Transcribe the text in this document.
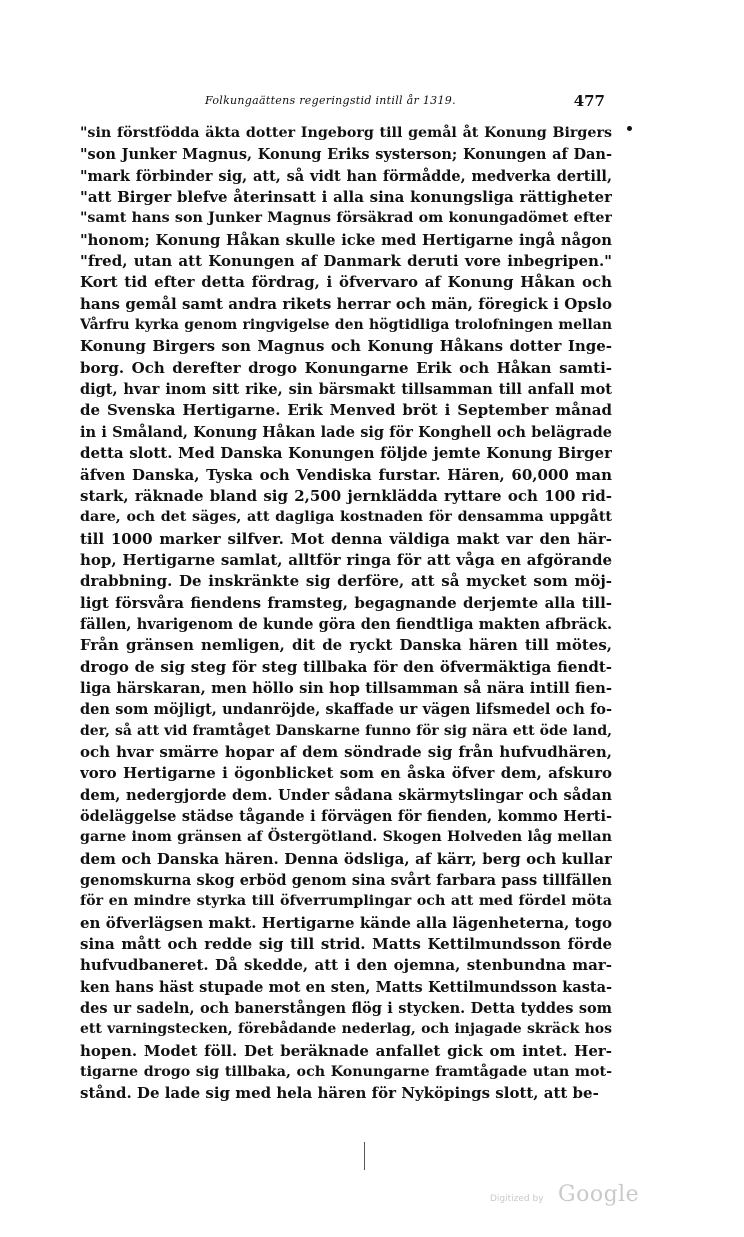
Folkungaättens regeringstid intill år 1319.	477
"sin förstfödda äkta dotter Ingeborg till gemål åt Konung Birgers
"son Junker Magnus, Konung Eriks systerson; Konungen af Dan-
"mark förbinder sig, att, så vidt han förmådde, medverka dertill,
"att Birger blefve återinsatt i alla sina konungsliga rättigheter
"samt hans son Junker Magnus försäkrad om konungadömet efter
"honom; Konung Håkan skulle icke med Hertigarne ingå någon
"fred, utan att Konungen af Danmark deruti vore inbegripen."
Kort tid efter detta fördrag, i öfvervaro af Konung Håkan och
hans gemål samt andra rikets herrar och män, föregick i Opslo
Vårfru kyrka genom ringvigelse den högtidliga trolofningen mellan
Konung Birgers son Magnus och Konung Håkans dotter Inge-
borg. Och derefter drogo Konungarne Erik och Håkan samti-
digt, hvar inom sitt rike, sin bärsmakt tillsamman till anfall mot
de Svenska Hertigarne. Erik Menved bröt i September månad
in i Småland, Konung Håkan lade sig för Konghell och belägrade
detta slott. Med Danska Konungen följde jemte Konung Birger
äfven Danska, Tyska och Vendiska furstar. Hären, 60,000 man
stark, räknade bland sig 2,500 jernklädda ryttare och 100 rid-
dare, och det säges, att dagliga kostnaden för densamma uppgått
till 1000 marker silfver. Mot denna väldiga makt var den här-
hop, Hertigarne samlat, alltför ringa för att våga en afgörande
drabbning. De inskränkte sig derföre, att så mycket som möj-
ligt försvåra fiendens framsteg, begagnande derjemte alla till-
fällen, hvarigenom de kunde göra den fiendtliga makten afbräck.
Från gränsen nemligen, dit de ryckt Danska hären till mötes,
drogo de sig steg för steg tillbaka för den öfvermäktiga fiendt-
liga härskaran, men höllo sin hop tillsamman så nära intill fien-
den som möjligt, undanröjde, skaffade ur vägen lifsmedel och fo-
der, så att vid framtåget Danskarne funno för sig nära ett öde land,
och hvar smärre hopar af dem söndrade sig från hufvudhären,
voro Hertigarne i ögonblicket som en åska öfver dem, afskuro
dem, nedergjorde dem. Under sådana skärmytslingar och sådan
ödeläggelse städse tågande i förvägen för fienden, kommo Herti-
garne inom gränsen af Östergötland. Skogen Holveden låg mellan
dem och Danska hären. Denna ödsliga, af kärr, berg och kullar
genomskurna skog erböd genom sina svårt farbara pass tillfällen
för en mindre styrka till öfverrumplingar och att med fördel möta
en öfverlägsen makt. Hertigarne kände alla lägenheterna, togo
sina mått och redde sig till strid. Matts Kettilmundsson förde
hufvudbaneret. Då skedde, att i den ojemna, stenbundna mar-
ken hans häst stupade mot en sten, Matts Kettilmundsson kasta-
des ur sadeln, och banerstången flög i stycken. Detta tyddes som
ett varningstecken, förebådande nederlag, och injagade skräck hos
hopen. Modet föll. Det beräknade anfallet gick om intet. Her-
tigarne drogo sig tillbaka, och Konungarne framtågade utan mot-
stånd. De lade sig med hela hären för Nyköpings slott, att be-
Digitized by Google
